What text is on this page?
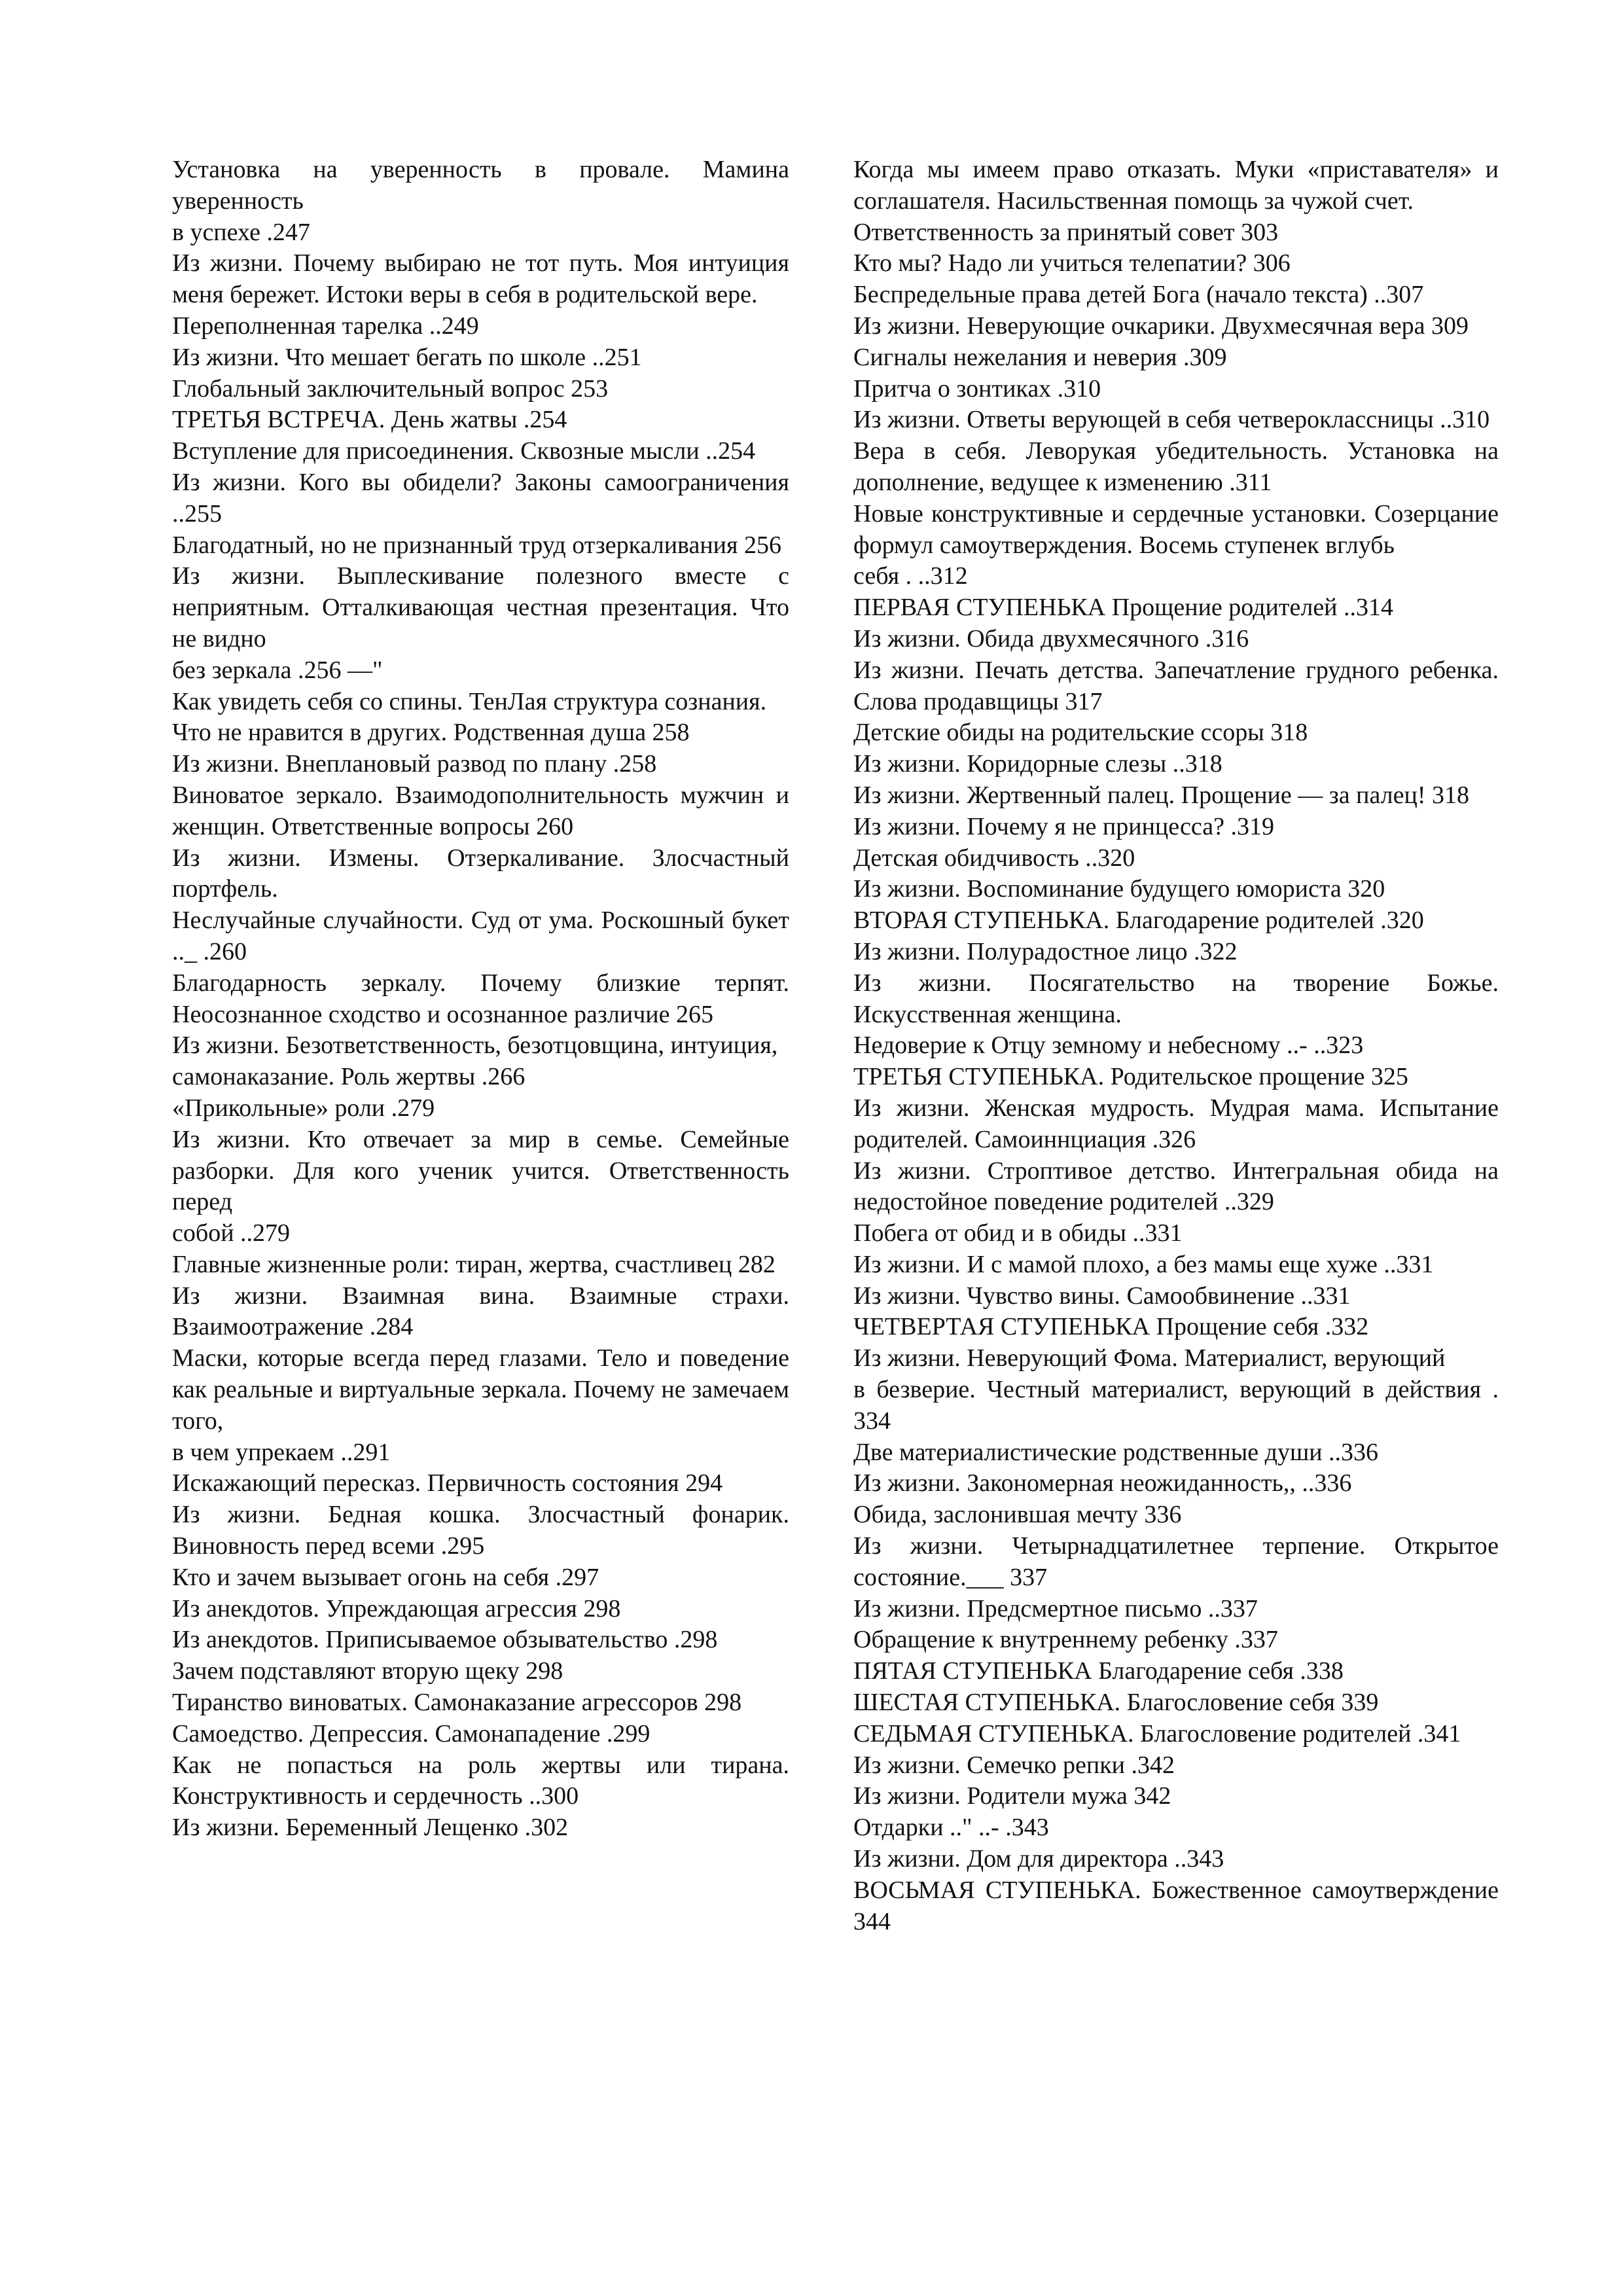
Установка на уверенность в провале. Мамина уверенность

в успехе .247

Из жизни. Почему выбираю не тот путь. Моя интуиция меня бережет. Истоки веры в себя в родительской вере.

Переполненная тарелка ..249

Из жизни. Что мешает бегать по школе ..251

Глобальный заключительный вопрос 253

ТРЕТЬЯ ВСТРЕЧА. День жатвы .254

Вступление для присоединения. Сквозные мысли ..254

Из жизни. Кого вы обидели? Законы самоограничения ..255

Благодатный, но не признанный труд отзеркаливания 256

Из жизни. Выплескивание полезного вместе с неприятным. Отталкивающая честная презентация. Что не видно

без зеркала .256 —"

Как увидеть себя со спины. ТенЛая структура сознания.

Что не нравится в других. Родственная душа 258

Из жизни. Внеплановый развод по плану .258

Виноватое зеркало. Взаимодополнительность мужчин и женщин. Ответственные вопросы 260

Из жизни. Измены. Отзеркаливание. Злосчастный портфель.

Неслучайные случайности. Суд от ума. Роскошный букет .._ .260

Благодарность зеркалу. Почему близкие терпят. Неосознанное сходство и осознанное различие 265

Из жизни. Безответственность, безотцовщина, интуиция,

самонаказание. Роль жертвы .266

«Прикольные» роли .279

Из жизни. Кто отвечает за мир в семье. Семейные разборки. Для кого ученик учится. Ответственность перед

собой ..279

Главные жизненные роли: тиран, жертва, счастливец 282

Из жизни. Взаимная вина. Взаимные страхи. Взаимоотражение .284

Маски, которые всегда перед глазами. Тело и поведение как реальные и виртуальные зеркала. Почему не замечаем того,

в чем упрекаем ..291

Искажающий пересказ. Первичность состояния 294

Из жизни. Бедная кошка. Злосчастный фонарик. Виновность перед всеми .295

Кто и зачем вызывает огонь на себя .297

Из анекдотов. Упреждающая агрессия 298

Из анекдотов. Приписываемое обзывательство .298

Зачем подставляют вторую щеку 298

Тиранство виноватых. Самонаказание агрессоров 298

Самоедство. Депрессия. Самонападение .299

Как не попасться на роль жертвы или тирана. Конструктивность и сердечность ..300

Из жизни. Беременный Лещенко .302

Когда мы имеем право отказать. Муки «приставателя» и соглашателя. Насильственная помощь за чужой счет.

Ответственность за принятый совет 303

Кто мы? Надо ли учиться телепатии? 306

Беспредельные права детей Бога (начало текста) ..307

Из жизни. Неверующие очкарики. Двухмесячная вера 309

Сигналы нежелания и неверия .309

Притча о зонтиках .310

Из жизни. Ответы верующей в себя четвероклассницы ..310

Вера в себя. Леворукая убедительность. Установка на дополнение, ведущее к изменению .311

Новые конструктивные и сердечные установки. Созерцание формул самоутверждения. Восемь ступенек вглубь

себя . ..312

ПЕРВАЯ СТУПЕНЬКА Прощение родителей ..314

Из жизни. Обида двухмесячного .316

Из жизни. Печать детства. Запечатление грудного ребенка. Слова продавщицы 317

Детские обиды на родительские ссоры 318

Из жизни. Коридорные слезы ..318

Из жизни. Жертвенный палец. Прощение — за палец! 318

Из жизни. Почему я не принцесса? .319

Детская обидчивость ..320

Из жизни. Воспоминание будущего юмориста 320

ВТОРАЯ СТУПЕНЬКА. Благодарение родителей .320

Из жизни. Полурадостное лицо .322

Из жизни. Посягательство на творение Божье. Искусственная женщина.

Недоверие к Отцу земному и небесному ..- ..323

ТРЕТЬЯ СТУПЕНЬКА. Родительское прощение 325

Из жизни. Женская мудрость. Мудрая мама. Испытание родителей. Самоиннциация .326

Из жизни. Строптивое детство. Интегральная обида на недостойное поведение родителей ..329

Побега от обид и в обиды ..331

Из жизни. И с мамой плохо, а без мамы еще хуже ..331

Из жизни. Чувство вины. Самообвинение ..331

ЧЕТВЕРТАЯ СТУПЕНЬКА Прощение себя .332

Из жизни. Неверующий Фома. Материалист, верующий

в безверие. Честный материалист, верующий в действия . 334

Две материалистические родственные души ..336

Из жизни. Закономерная неожиданность,, ..336

Обида, заслонившая мечту 336

Из жизни. Четырнадцатилетнее терпение. Открытое состояние.___ 337

Из жизни. Предсмертное письмо ..337

Обращение к внутреннему ребенку .337

ПЯТАЯ СТУПЕНЬКА Благодарение себя .338

ШЕСТАЯ СТУПЕНЬКА. Благословение себя 339

СЕДЬМАЯ СТУПЕНЬКА. Благословение родителей .341

Из жизни. Семечко репки .342

Из жизни. Родители мужа 342

Отдарки .." ..- .343

Из жизни. Дом для директора ..343

ВОСЬМАЯ СТУПЕНЬКА. Божественное самоутверждение 344
